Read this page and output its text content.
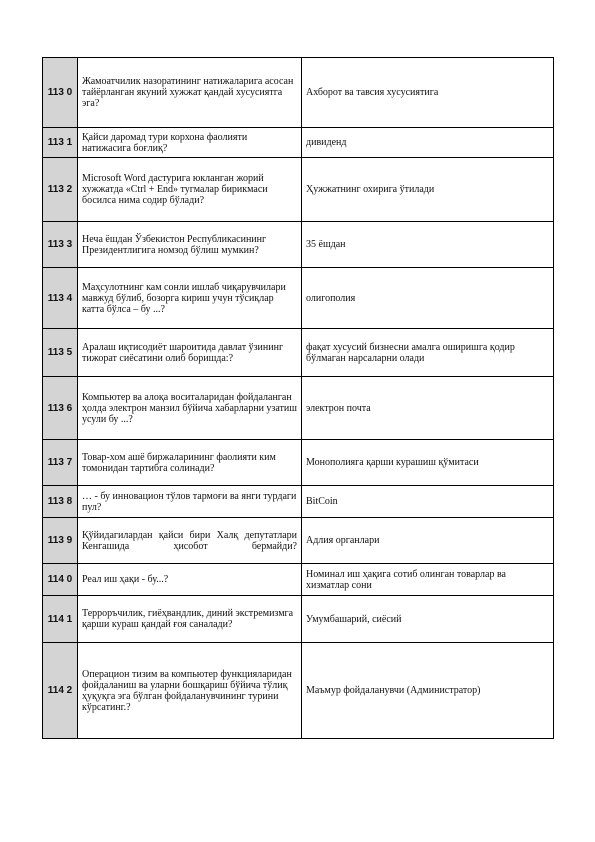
113 0	Жамоатчилик назоратининг натижаларига асосан тайёрланган якуний хужжат қандай хусусиятга эга?	Ахборот ва тавсия хусусиятига
113 1	Қайси даромад тури корхона фаолияти натижасига боғлиқ?	дивиденд
113 2	Microsoft Word дастурига юкланган жорий хужжатда «Ctrl + End» тугмалар бирикмаси босилса нима содир бўлади?	Ҳужжатнинг охирига ўтилади
113 3	Неча ёшдан Ўзбекистон Республикасининг Президентлигига номзод бўлиш мумкин?	35 ёшдан
113 4	Маҳсулотнинг кам сонли ишлаб чиқарувчилари мавжуд бўлиб, бозорга кириш учун тўсиқлар катта бўлса – бу ...?	олигополия
113 5	Аралаш иқтисодиёт шароитида давлат ўзининг тижорат сиёсатини олиб боришда:?	фақат хусусий бизнесни амалга оширишга қодир бўлмаган нарсаларни олади
113 6	Компьютер ва алоқа воситаларидан фойдаланган ҳолда электрон манзил бўйича хабарларни узатиш усули бу ...?	электрон почта
113 7	Товар-хом ашё биржаларининг фаолияти ким томонидан тартибга солинади?	Монополияга қарши курашиш қўмитаси
113 8	… - бу инновацион тўлов тармоғи ва янги турдаги пул?	BitCoin
113 9	Қўйидагилардан қайси бири Халқ депутатлари Кенгашида ҳисобот бермайди?	Адлия органлари
114 0	Реал иш ҳақи - бу...?	Номинал иш ҳақига сотиб олинган товарлар ва хизматлар сони
114 1	Терроръчилик, гиёҳвандлик, диний экстремизмга қарши кураш қандай ғоя саналади?	Умумбашарий, сиёсий
114 2	Операцион тизим ва компьютер функцияларидан фойдаланиш ва уларни бошқариш бўйича тўлиқ ҳуқуқга эга бўлган фойдаланувчининг турини кўрсатинг.?	Маъмур фойдаланувчи (Администратор)
